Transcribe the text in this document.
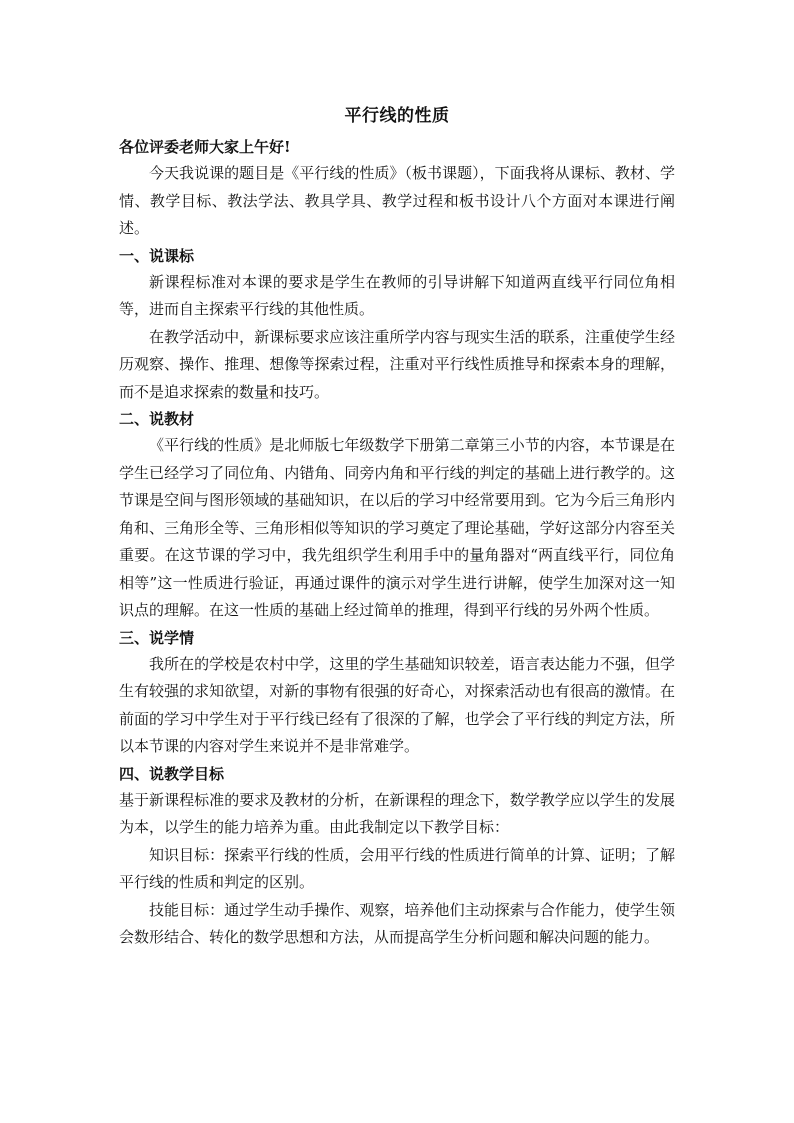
平行线的性质

各位评委老师大家上午好!

今天我说课的题目是《平行线的性质》（板书课题），下面我将从课标、教材、学情、教学目标、教法学法、教具学具、教学过程和板书设计八个方面对本课进行阐述。

一、说课标

新课程标准对本课的要求是学生在教师的引导讲解下知道两直线平行同位角相等，进而自主探索平行线的其他性质。

在教学活动中，新课标要求应该注重所学内容与现实生活的联系，注重使学生经历观察、操作、推理、想像等探索过程，注重对平行线性质推导和探索本身的理解，而不是追求探索的数量和技巧。

二、说教材

《平行线的性质》是北师版七年级数学下册第二章第三小节的内容，本节课是在学生已经学习了同位角、内错角、同旁内角和平行线的判定的基础上进行教学的。这节课是空间与图形领域的基础知识，在以后的学习中经常要用到。它为今后三角形内角和、三角形全等、三角形相似等知识的学习奠定了理论基础，学好这部分内容至关重要。在这节课的学习中，我先组织学生利用手中的量角器对“两直线平行，同位角相等”这一性质进行验证，再通过课件的演示对学生进行讲解，使学生加深对这一知识点的理解。在这一性质的基础上经过简单的推理，得到平行线的另外两个性质。

三、说学情

我所在的学校是农村中学，这里的学生基础知识较差，语言表达能力不强，但学生有较强的求知欲望，对新的事物有很强的好奇心，对探索活动也有很高的激情。在前面的学习中学生对于平行线已经有了很深的了解，也学会了平行线的判定方法，所以本节课的内容对学生来说并不是非常难学。

四、说教学目标

基于新课程标准的要求及教材的分析，在新课程的理念下，数学教学应以学生的发展为本，以学生的能力培养为重。由此我制定以下教学目标：

知识目标：探索平行线的性质，会用平行线的性质进行简单的计算、证明；了解平行线的性质和判定的区别。

技能目标：通过学生动手操作、观察，培养他们主动探索与合作能力，使学生领会数形结合、转化的数学思想和方法，从而提高学生分析问题和解决问题的能力。
